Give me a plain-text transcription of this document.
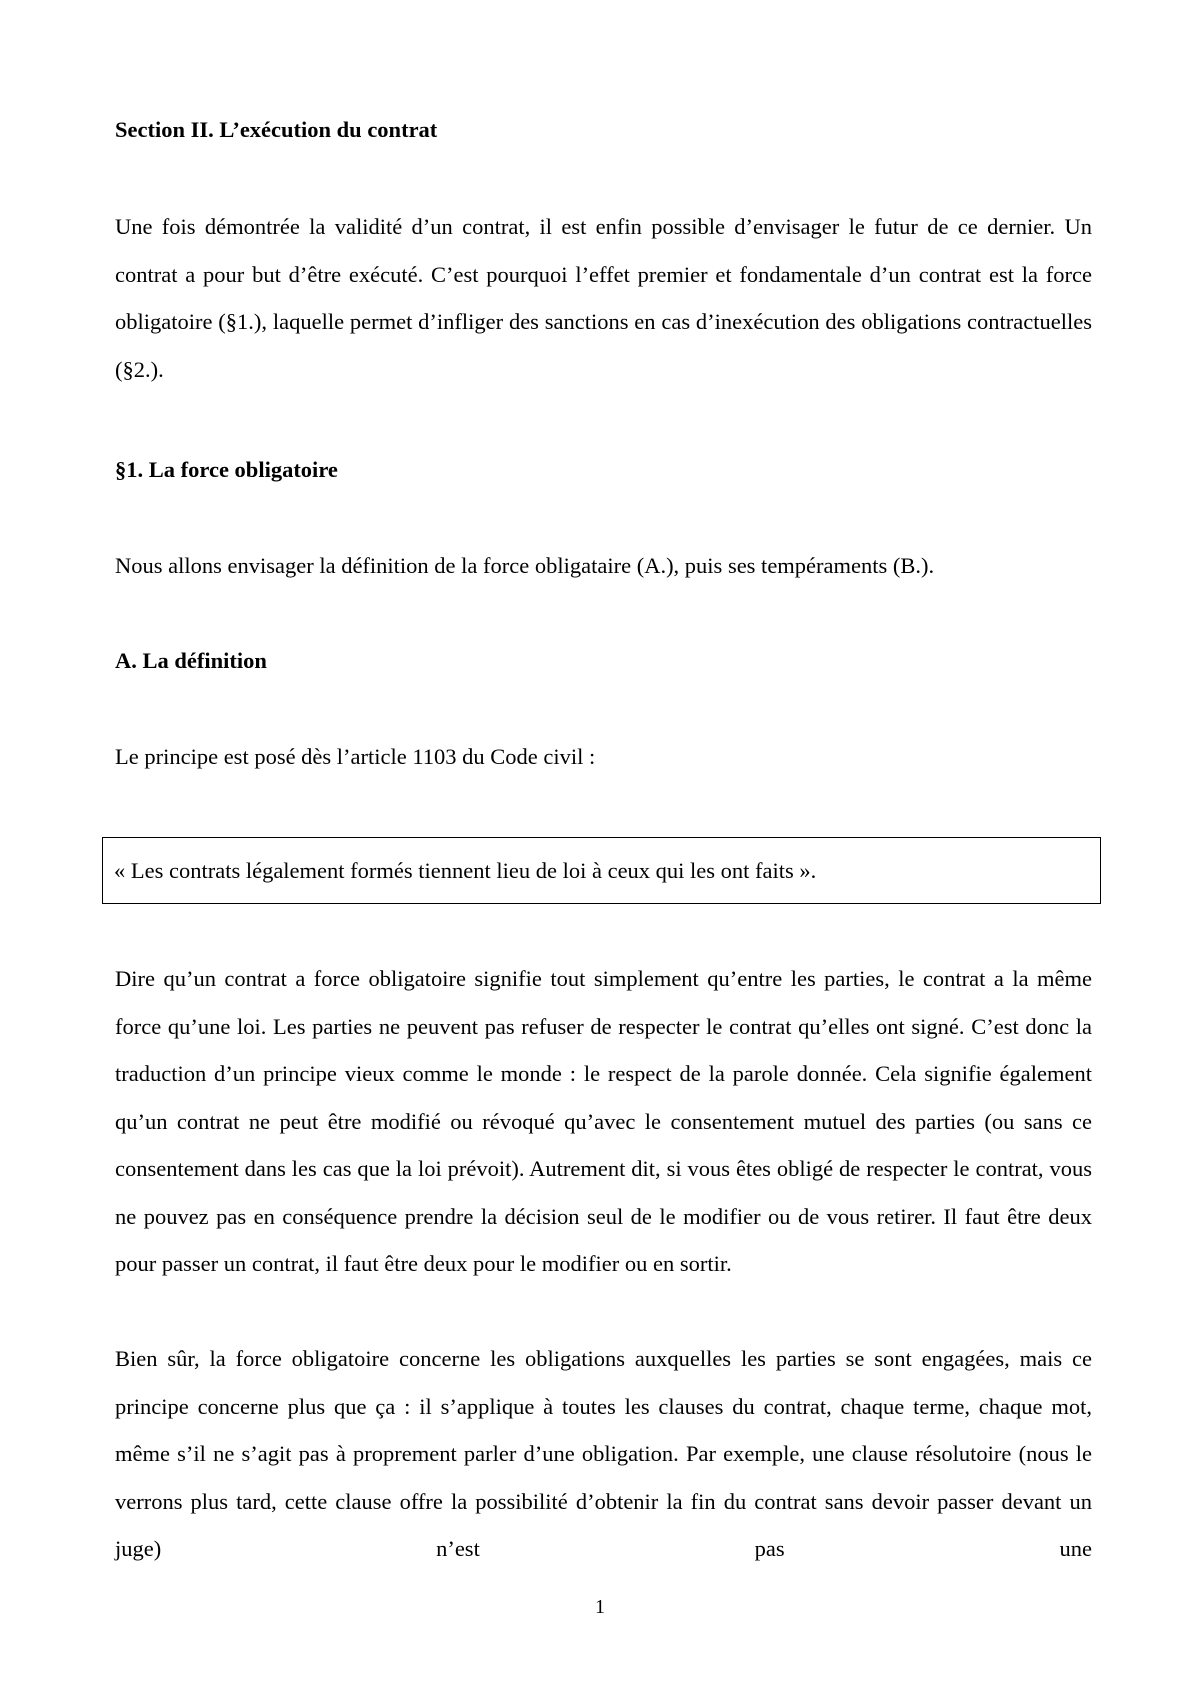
Section II. L’exécution du contrat

Une fois démontrée la validité d’un contrat, il est enfin possible d’envisager le futur de ce dernier. Un contrat a pour but d’être exécuté. C’est pourquoi l’effet premier et fondamentale d’un contrat est la force obligatoire (§1.), laquelle permet d’infliger des sanctions en cas d’inexécution des obligations contractuelles (§2.).

§1. La force obligatoire

Nous allons envisager la définition de la force obligataire (A.), puis ses tempéraments (B.).

A. La définition

Le principe est posé dès l’article 1103 du Code civil :

« Les contrats légalement formés tiennent lieu de loi à ceux qui les ont faits ».

Dire qu’un contrat a force obligatoire signifie tout simplement qu’entre les parties, le contrat a la même force qu’une loi. Les parties ne peuvent pas refuser de respecter le contrat qu’elles ont signé. C’est donc la traduction d’un principe vieux comme le monde : le respect de la parole donnée. Cela signifie également qu’un contrat ne peut être modifié ou révoqué qu’avec le consentement mutuel des parties (ou sans ce consentement dans les cas que la loi prévoit). Autrement dit, si vous êtes obligé de respecter le contrat, vous ne pouvez pas en conséquence prendre la décision seul de le modifier ou de vous retirer. Il faut être deux pour passer un contrat, il faut être deux pour le modifier ou en sortir.

Bien sûr, la force obligatoire concerne les obligations auxquelles les parties se sont engagées, mais ce principe concerne plus que ça : il s’applique à toutes les clauses du contrat, chaque terme, chaque mot, même s’il ne s’agit pas à proprement parler d’une obligation. Par exemple, une clause résolutoire (nous le verrons plus tard, cette clause offre la possibilité d’obtenir la fin du contrat sans devoir passer devant un juge) n’est pas une

1
